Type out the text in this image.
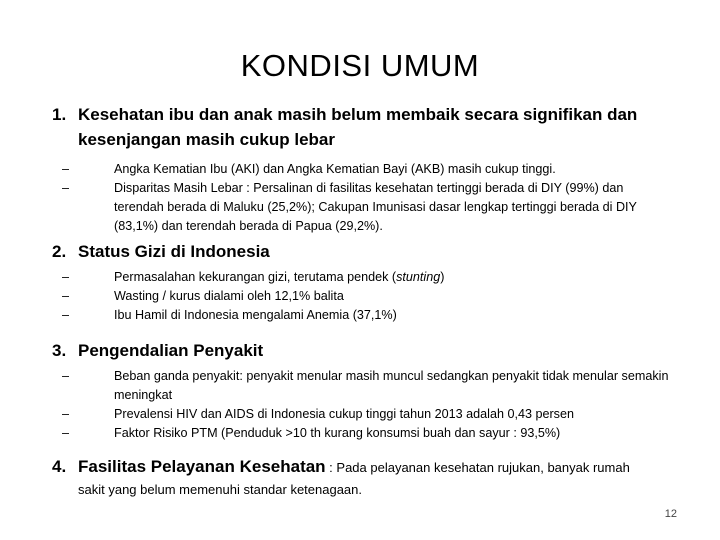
KONDISI UMUM
1. Kesehatan ibu dan anak masih belum membaik secara signifikan dan kesenjangan masih cukup lebar
–	Angka Kematian Ibu (AKI) dan Angka Kematian Bayi (AKB) masih cukup tinggi.
–	Disparitas Masih Lebar : Persalinan di fasilitas kesehatan tertinggi berada di DIY (99%) dan terendah berada di Maluku (25,2%); Cakupan Imunisasi dasar lengkap tertinggi berada di DIY (83,1%) dan terendah berada di Papua (29,2%).
2. Status Gizi di Indonesia
–	Permasalahan kekurangan gizi, terutama pendek (stunting)
–	Wasting / kurus dialami oleh 12,1% balita
–	Ibu Hamil di Indonesia mengalami Anemia (37,1%)
3. Pengendalian Penyakit
–	Beban ganda penyakit: penyakit menular masih muncul sedangkan penyakit tidak menular semakin meningkat
–	Prevalensi HIV dan AIDS di Indonesia cukup tinggi tahun 2013 adalah 0,43 persen
–	Faktor Risiko PTM (Penduduk >10 th kurang konsumsi buah dan sayur : 93,5%)
4. Fasilitas Pelayanan Kesehatan : Pada pelayanan kesehatan rujukan, banyak rumah
sakit yang belum memenuhi standar ketenagaan.
12
